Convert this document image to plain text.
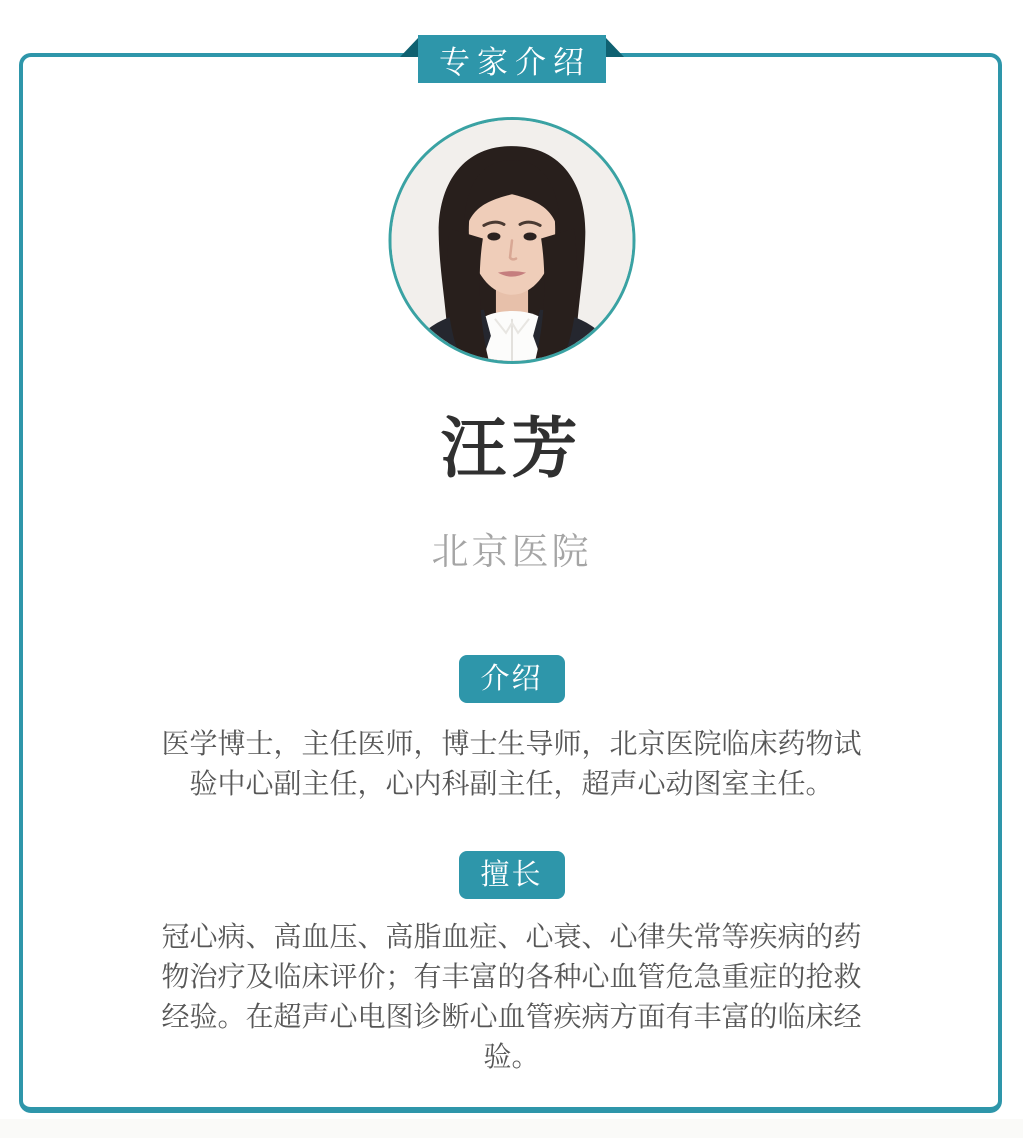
专家介绍
汪芳
北京医院
介绍

医学博士，主任医师，博士生导师，北京医院临床药物试验中心副主任，心内科副主任，超声心动图室主任。

擅长

冠心病、高血压、高脂血症、心衰、心律失常等疾病的药物治疗及临床评价；有丰富的各种心血管危急重症的抢救经验。在超声心电图诊断心血管疾病方面有丰富的临床经验。
